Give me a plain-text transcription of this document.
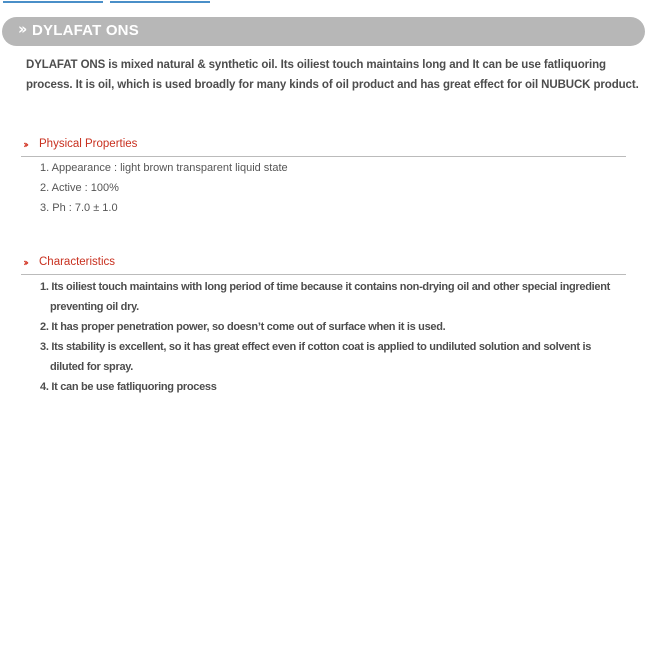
›› DYLAFAT ONS

DYLAFAT ONS is mixed natural & synthetic oil. Its oiliest touch maintains long and It can be use fatliquoring process. It is oil, which is used broadly for many kinds of oil product and has great effect for oil NUBUCK product.

›› Physical Properties
1. Appearance : light brown transparent liquid state
2. Active : 100%
3. Ph : 7.0 ± 1.0
›› Characteristics
1. Its oiliest touch maintains with long period of time because it contains non-drying oil and other special ingredient preventing oil dry.
2. It has proper penetration power, so doesn’t come out of surface when it is used.
3. Its stability is excellent, so it has great effect even if cotton coat is applied to undiluted solution and solvent is diluted for spray.
4. It can be use fatliquoring process
